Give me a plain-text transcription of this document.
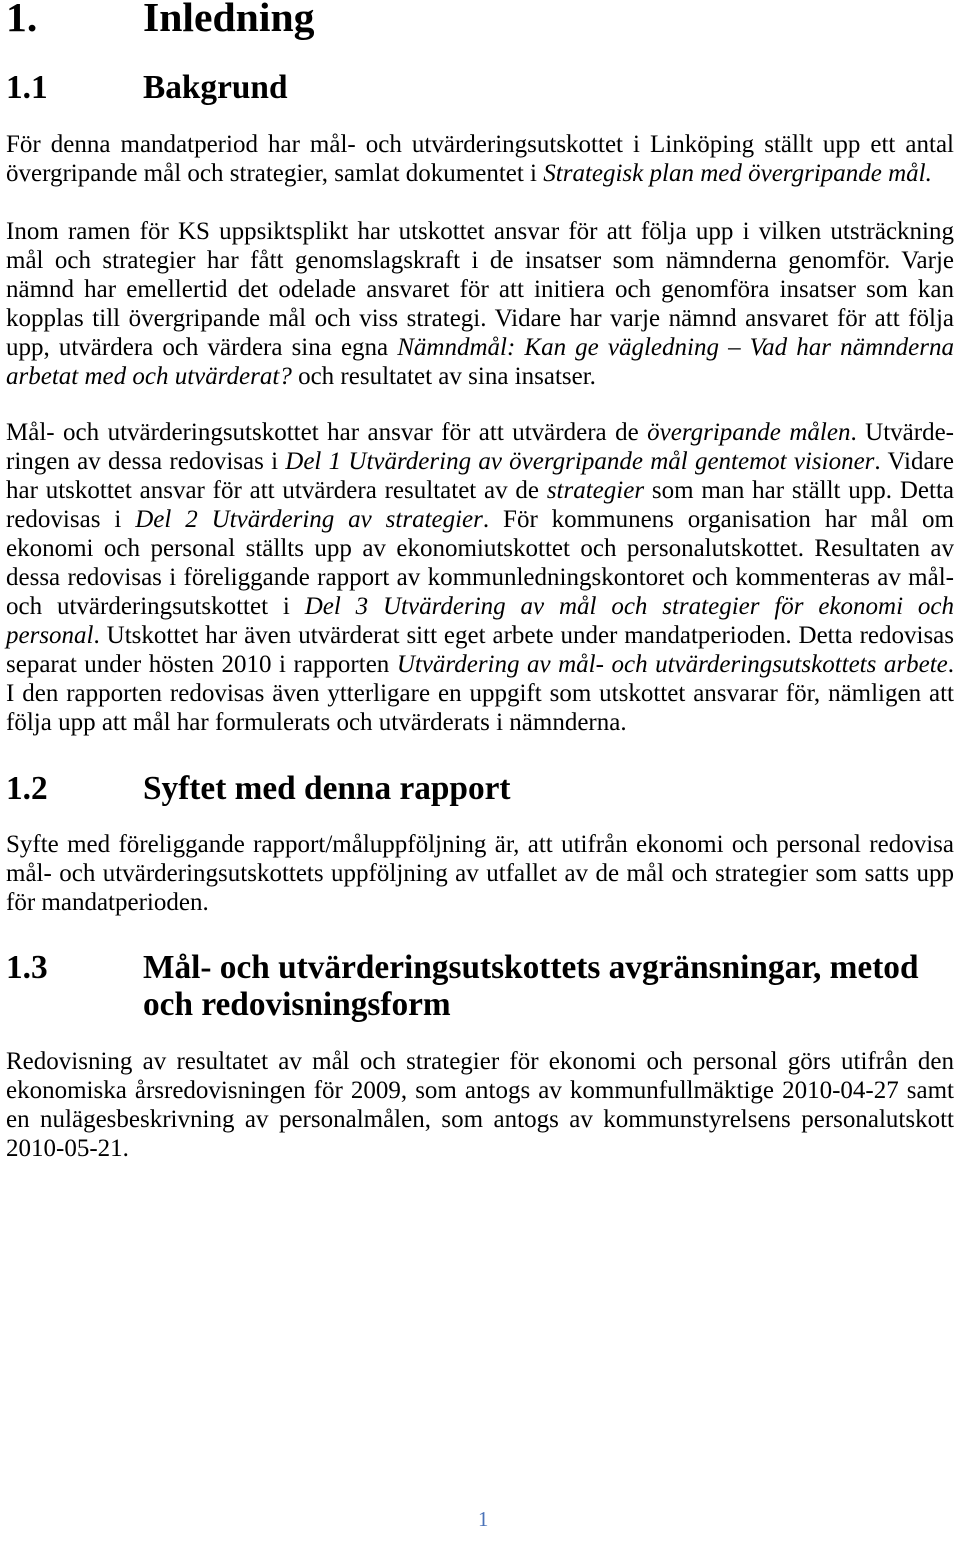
1.	Inledning
1.1	Bakgrund
För denna mandatperiod har mål- och utvärderingsutskottet i Linköping ställt upp ett antal
övergripande mål och strategier, samlat dokumentet i Strategisk plan med övergripande mål.
Inom ramen för KS uppsiktsplikt har utskottet ansvar för att följa upp i vilken utsträckning
mål och strategier har fått genomslagskraft i de insatser som nämnderna genomför. Varje
nämnd har emellertid det odelade ansvaret för att initiera och genomföra insatser som kan
kopplas till övergripande mål och viss strategi. Vidare har varje nämnd ansvaret för att följa
upp, utvärdera och värdera sina egna Nämndmål: Kan ge vägledning – Vad har nämnderna
arbetat med och utvärderat? och resultatet av sina insatser.
Mål- och utvärderingsutskottet har ansvar för att utvärdera de övergripande målen. Utvärde-
ringen av dessa redovisas i Del 1 Utvärdering av övergripande mål gentemot visioner. Vidare
har utskottet ansvar för att utvärdera resultatet av de strategier som man har ställt upp. Detta
redovisas i Del 2 Utvärdering av strategier. För kommunens organisation har mål om
ekonomi och personal ställts upp av ekonomiutskottet och personalutskottet. Resultaten av
dessa redovisas i föreliggande rapport av kommunledningskontoret och kommenteras av mål-
och utvärderingsutskottet i Del 3 Utvärdering av mål och strategier för ekonomi och
personal. Utskottet har även utvärderat sitt eget arbete under mandatperioden. Detta redovisas
separat under hösten 2010 i rapporten Utvärdering av mål- och utvärderingsutskottets arbete.
I den rapporten redovisas även ytterligare en uppgift som utskottet ansvarar för, nämligen att
följa upp att mål har formulerats och utvärderats i nämnderna.
1.2	Syftet med denna rapport
Syfte med föreliggande rapport/måluppföljning är, att utifrån ekonomi och personal redovisa
mål- och utvärderingsutskottets uppföljning av utfallet av de mål och strategier som satts upp
för mandatperioden.
1.3	Mål- och utvärderingsutskottets avgränsningar, metod och redovisningsform
Redovisning av resultatet av mål och strategier för ekonomi och personal görs utifrån den
ekonomiska årsredovisningen för 2009, som antogs av kommunfullmäktige 2010-04-27 samt
en nulägesbeskrivning av personalmålen, som antogs av kommunstyrelsens personalutskott
2010-05-21.
1
